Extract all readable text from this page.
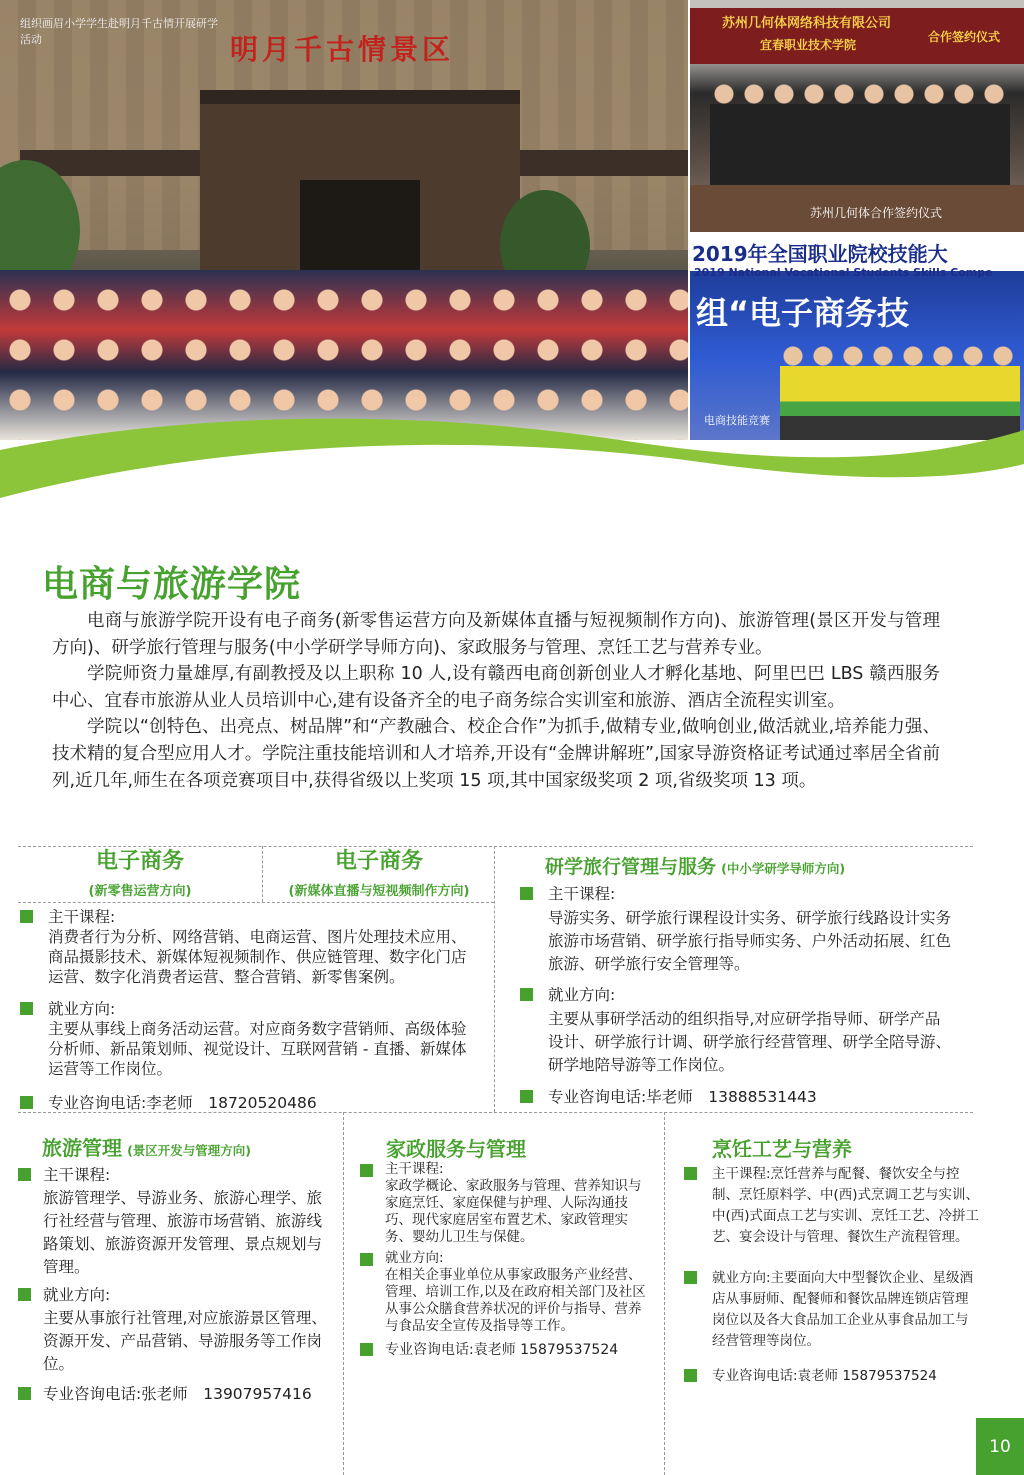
明月千古情景区
组织画眉小学学生赴明月千古情开展研学活动
苏州几何体网络科技有限公司
宜春职业技术学院
合作签约仪式
苏州几何体合作签约仪式
2019年全国职业院校技能大
2019 National Vocational Students Skills Compe
组“电子商务技
电商技能竞赛
电商与旅游学院

电商与旅游学院开设有电子商务(新零售运营方向及新媒体直播与短视频制作方向)、旅游管理(景区开发与管理方向)、研学旅行管理与服务(中小学研学导师方向)、家政服务与管理、烹饪工艺与营养专业。

学院师资力量雄厚,有副教授及以上职称 10 人,设有赣西电商创新创业人才孵化基地、阿里巴巴 LBS 赣西服务中心、宜春市旅游从业人员培训中心,建有设备齐全的电子商务综合实训室和旅游、酒店全流程实训室。

学院以“创特色、出亮点、树品牌”和“产教融合、校企合作”为抓手,做精专业,做响创业,做活就业,培养能力强、技术精的复合型应用人才。学院注重技能培训和人才培养,开设有“金牌讲解班”,国家导游资格证考试通过率居全省前列,近几年,师生在各项竞赛项目中,获得省级以上奖项 15 项,其中国家级奖项 2 项,省级奖项 13 项。

电子商务
(新零售运营方向)
电子商务
(新媒体直播与短视频制作方向)
主干课程:
消费者行为分析、网络营销、电商运营、图片处理技术应用、商品摄影技术、新媒体短视频制作、供应链管理、数字化门店运营、数字化消费者运营、整合营销、新零售案例。
就业方向:
主要从事线上商务活动运营。对应商务数字营销师、高级体验分析师、新品策划师、视觉设计、互联网营销 - 直播、新媒体运营等工作岗位。
专业咨询电话:李老师　18720520486
研学旅行管理与服务 (中小学研学导师方向)
主干课程:
导游实务、研学旅行课程设计实务、研学旅行线路设计实务旅游市场营销、研学旅行指导师实务、户外活动拓展、红色旅游、研学旅行安全管理等。
就业方向:
主要从事研学活动的组织指导,对应研学指导师、研学产品设计、研学旅行计调、研学旅行经营管理、研学全陪导游、研学地陪导游等工作岗位。
专业咨询电话:毕老师　13888531443
旅游管理 (景区开发与管理方向)
主干课程:
旅游管理学、导游业务、旅游心理学、旅行社经营与管理、旅游市场营销、旅游线路策划、旅游资源开发管理、景点规划与管理。
就业方向:
主要从事旅行社管理,对应旅游景区管理、资源开发、产品营销、导游服务等工作岗位。
专业咨询电话:张老师　13907957416
家政服务与管理
主干课程:
家政学概论、家政服务与管理、营养知识与家庭烹饪、家庭保健与护理、人际沟通技巧、现代家庭居室布置艺术、家政管理实务、婴幼儿卫生与保健。
就业方向:
在相关企事业单位从事家政服务产业经营、管理、培训工作,以及在政府相关部门及社区从事公众膳食营养状况的评价与指导、营养与食品安全宣传及指导等工作。
专业咨询电话:袁老师 15879537524
烹饪工艺与营养
主干课程:烹饪营养与配餐、餐饮安全与控制、烹饪原料学、中(西)式烹调工艺与实训、中(西)式面点工艺与实训、烹饪工艺、冷拼工艺、宴会设计与管理、餐饮生产流程管理。
就业方向:主要面向大中型餐饮企业、星级酒店从事厨师、配餐师和餐饮品牌连锁店管理岗位以及各大食品加工企业从事食品加工与经营管理等岗位。
专业咨询电话:袁老师 15879537524
10
